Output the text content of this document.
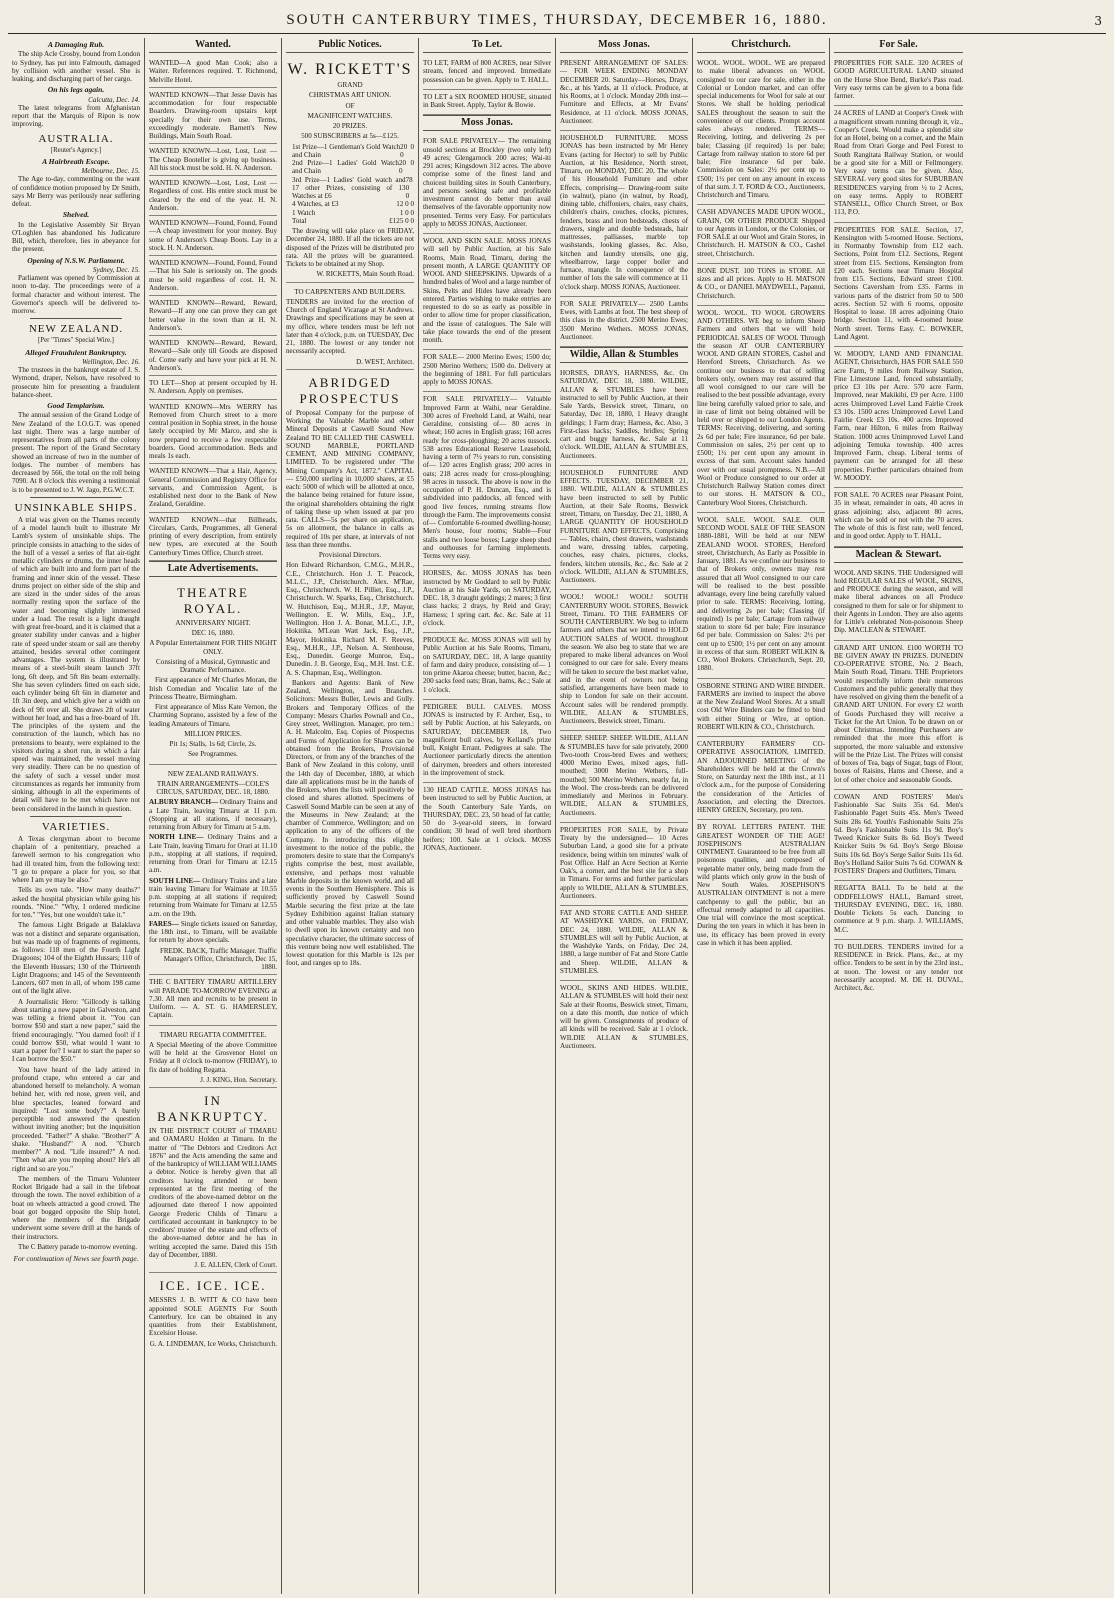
SOUTH CANTERBURY TIMES, THURSDAY, DECEMBER 16, 1880.	3
A Damaging Rub.
The ship Acle Crosby, bound from London to Sydney, has put into Falmouth, damaged by collision with another vessel. She is leaking, and discharging part of her cargo.
On his legs again.
Calcutta, Dec. 14.
The latest telegrams from Afghanistan report that the Marquis of Ripon is now improving.
AUSTRALIA.
[Reuter's Agency.]
A Hairbreath Escape.
Melbourne, Dec. 15.
The Age to-day, commenting on the want of confidence motion proposed by Dr Smith, says Mr Berry was perilously near suffering defeat.
Shelved.
In the Legislative Assembly Sir Bryan O'Loghlen has abandoned his Judicature Bill, which, therefore, lies in abeyance for the present.
Opening of N.S.W. Parliament.
Sydney, Dec. 15.
Parliament was opened by Commission at noon to-day. The proceedings were of a formal character and without interest. The Governor's speech will be delivered to-morrow.
NEW ZEALAND.
[Per "Times" Special Wire.]
Alleged Fraudulent Bankruptcy.
Wellington, Dec. 16.
The trustees in the bankrupt estate of J. S. Wymond, draper, Nelson, have resolved to prosecute him for presenting a fraudulent balance-sheet.
Good Templarism.
The annual session of the Grand Lodge of New Zealand of the I.O.G.T. was opened last night. There was a large number of representatives from all parts of the colony present. The report of the Grand Secretary showed an increase of two in the number of lodges. The number of members has decreased by 566, the total on the roll being 7090. At 8 o'clock this evening a testimonial is to be presented to J. W. Jago, P.G.W.C.T.
UNSINKABLE SHIPS.
A trial was given on the Thames recently of a model launch built to illustrate Mr Lamb's system of unsinkable ships. The principle consists in attaching to the sides of the hull of a vessel a series of flat air-tight metallic cylinders or drums, the inner heads of which are built into and form part of the framing and inner skin of the vessel. These drums project on either side of the ship and are sized in the under sides of the areas normally resting upon the surface of the water and becoming slightly immersed under a load. The result is a light draught with great free-board, and it is claimed that a greater stability under canvas and a higher rate of speed under steam or sail are thereby attained, besides several other contingent advantages. The system is illustrated by means of a steel-built steam launch 37ft long, 6ft deep, and 5ft 8in beam externally. She has seven cylinders fitted on each side, each cylinder being 6ft 6in in diameter and 1ft 3in deep, and which give her a width on deck of 9ft over all. She draws 2ft of water without her load, and has a free-board of 1ft. The principles of the system and the construction of the launch, which has no pretensions to beauty, were explained to the visitors during a short run, in which a fair speed was maintained, the vessel moving very steadily. There can be no question of the safety of such a vessel under most circumstances as regards her immunity from sinking, although in all the experiments of detail will have to be met which have not been considered in the launch in question.
VARIETIES.
A Texas clergyman about to become chaplain of a penitentiary, preached a farewell sermon to his congregation who had ill treated him, from the following text: "I go to prepare a place for you, so that where I am ye may be also."
Tells its own tale. "How many deaths?" asked the hospital physician while going his rounds. "Nine." "Why, I ordered medicine for ten." "Yes, but one wouldn't take it."
The famous Light Brigade at Balaklava was not a distinct and separate organisation, but was made up of fragments of regiments, as follows: 118 men of the Fourth Light Dragoons; 104 of the Eighth Hussars; 110 of the Eleventh Hussars; 130 of the Thirteenth Light Dragoons; and 145 of the Seventeenth Lancers, 607 men in all, of whom 198 came out of the light alive.
A Journalistic Hero: "Gillcody is talking about starting a new paper in Galveston, and was telling a friend about it. "You can borrow $50 and start a new paper," said the friend encouragingly. "You darned fool! if I could borrow $50, what would I want to start a paper for? I want to start the paper so I can borrow the $50."
You have heard of the lady attired in profound crape, who entered a car and abandoned herself to melancholy. A woman behind her, with red nose, green veil, and blue spectacles, leaned forward and inquired: "Lost some body?" A barely perceptible nod answered the question without inviting another; but the inquisition proceeded. "Father?" A shake. "Brother?" A shake. "Husband?" A nod. "Church member?" A nod. "Life insured?" A nod. "Then what are you moping about? He's all right and so are you."
The members of the Timaru Volunteer Rocket Brigade had a sail in the lifeboat through the town. The novel exhibition of a boat on wheels attracted a good crowd. The boat got bogged opposite the Ship hotel, where the members of the Brigade underwent some severe drill at the hands of their instructors.
The C Battery parade to-morrow evening.
For continuation of News see fourth page.
Wanted.
WANTED—A good Man Cook; also a Waiter. References required. T. Richmond, Melville Hotel.
WANTED KNOWN—That Jesse Davis has accommodation for four respectable Boarders. Drawing-room upstairs kept specially for their own use. Terms, exceedingly moderate. Barnett's New Buildings, Main South Road.
WANTED KNOWN—Lost, Lost, Lost —The Cheap Booteller is giving up business. All his stock must be sold. H. N. Anderson.
WANTED KNOWN—Lost, Lost, Lost —Regardless of cost. His entire stock must be cleared by the end of the year. H. N. Anderson.
WANTED KNOWN—Found, Found, Found—A cheap investment for your money. Buy some of Anderson's Cheap Boots. Lay in a stock. H. N. Anderson.
WANTED KNOWN—Found, Found, Found—That his Sale is seriously on. The goods must be sold regardless of cost. H. N. Anderson.
WANTED KNOWN—Reward, Reward, Reward—If any one can prove they can get better value in the town than at H. N. Anderson's.
WANTED KNOWN—Reward, Reward, Reward—Sale only till Goods are disposed of. Come early and have your pick at H. N. Anderson's.
TO LET—Shop at present occupied by H. N. Anderson. Apply on premises.
WANTED KNOWN—Mrs WERRY has Removed from Church street to a more central position in Sophia street, in the house lately occupied by Mr Marco, and she is now prepared to receive a few respectable boarders. Good accommodation. Beds and meals 1s each.
WANTED KNOWN—That a Hair, Agency, General Commission and Registry Office for servants, and Commission Agent, is established next door to the Bank of New Zealand, Geraldine.
WANTED KNOWN—that Billheads, Circulars, Cards, Programmes, all General printing of every description, from entirely new types, are executed at the South Canterbury Times Office, Church street.
Late Advertisements.
THEATRE ROYAL.
ANNIVERSARY NIGHT.
DEC 16, 1880.
A Popular Entertainment FOR THIS NIGHT ONLY.
Consisting of a Musical, Gymnastic and Dramatic Performance.
First appearance of Mr Charles Moran, the Irish Comedian and Vocalist late of the Princess Theatre, Birmingham.
First appearance of Miss Kate Vernon, the Charming Soprano, assisted by a few of the leading Amateurs of Timaru.
MILLION PRICES.
Pit 1s; Stalls, 1s 6d; Circle, 2s.
See Programmes.
NEW ZEALAND RAILWAYS.
TRAIN ARRANGEMENTS—COLE'S CIRCUS, SATURDAY, DEC. 18, 1880.
ALBURY BRANCH— Ordinary Trains and a Late Train, leaving Timaru at 11 p.m. (Stopping at all stations, if necessary), returning from Albury for Timaru at 5 a.m.
NORTH LINE— Ordinary Trains and a Late Train, leaving Timaru for Orari at 11.10 p.m., stopping at all stations, if required, returning from Orari for Timaru at 12.15 a.m.
SOUTH LINE— Ordinary Trains and a late train leaving Timaru for Waimate at 10.55 p.m. stopping at all stations if required; returning from Waimate for Timaru at 12.55 a.m. on the 19th.
FARES— Single tickets issued on Saturday, the 18th inst., to Timaru, will be available for return by above specials.
FREDK. BACK, Traffic Manager. Traffic Manager's Office, Christchurch, Dec 15, 1880.
THE C BATTERY TIMARU ARTILLERY will PARADE TO-MORROW EVENING at 7.30. All men and recruits to be present in Uniform. — A. ST. G. HAMERSLEY, Captain.
TIMARU REGATTA COMMITTEE.
A Special Meeting of the above Committee will be held at the Grosvenor Hotel on Friday at 8 o'clock to-morrow (FRIDAY), to fix date of holding Regatta.
J. J. KING, Hon. Secretary.
IN BANKRUPTCY.
IN THE DISTRICT COURT of TIMARU and OAMARU Holden at Timaru. In the matter of "The Debtors and Creditors Act 1876" and the Acts amending the same and of the bankruptcy of WILLIAM WILLIAMS a debtor. Notice is hereby given that all creditors having attended or been represented at the first meeting of the creditors of the above-named debtor on the adjourned date thereof I now appointed George Frederic Childs of Timaru a certificated accountant in bankruptcy to be creditors' trustee of the estate and effects of the above-named debtor and he has in writing accepted the same. Dated this 15th day of December, 1880.
J. E. ALLEN, Clerk of Court.
ICE. ICE. ICE.
MESSRS J. B. WITT & CO have been appointed SOLE AGENTS For South Canterbury. Ice can be obtained in any quantities from their Establishment, Excelsior House.
G. A. LINDEMAN, Ice Works, Christchurch.
Public Notices.
W. RICKETT'S
GRAND
CHRISTMAS ART UNION.
OF
MAGNIFICENT WATCHES.
20 PRIZES.
500 SUBSCRIBERS at 5s—£125.
1st Prize—1 Gentleman's Gold Watch and Chain
20 0 0
2nd Prize—1 Ladies' Gold Watch and Chain
20 0 0
3rd Prize—1 Ladies' Gold watch and 17 other Prizes, consisting of 13 Watches at £6
78 0 0
4 Watches, at £3	12 0 0
1 Watch	1 0 0
Total	£125 0 0
The drawing will take place on FRIDAY, December 24, 1880. If all the tickets are not disposed of the Prizes will be distributed pro rata. All the prizes will be guaranteed. Tickets to be obtained at my Shop.
W. RICKETTS, Main South Road.
TO CARPENTERS AND BUILDERS.
TENDERS are invited for the erection of Church of England Vicarage at St Andrews. Drawings and specifications may be seen at my office, where tenders must be left not later than 4 o'clock, p.m. on TUESDAY, Dec 21, 1880. The lowest or any tender not necessarily accepted.
D. WEST, Architect.
ABRIDGED PROSPECTUS
of Proposal Company for the purpose of Working the Valuable Marble and other Mineral Deposits at Caswell Sound New Zealand TO BE CALLED THE CASWELL SOUND MARBLE, PORTLAND CEMENT, AND MINING COMPANY, LIMITED. To be registered under "The Mining Company's Act, 1872." CAPITAL — £50,000 sterling in 10,000 shares, at £5 each: 5000 of which will be allotted at once, the balance being retained for future issue, the original shareholders obtaining the right of taking these up when issued at par pro rata. CALLS—5s per share on application, 5s on allotment, the balance in calls as required of 10s per share, at intervals of not less than three months.
Provisional Directors.
Hon Edward Richardson, C.M.G., M.H.R., C.E., Christchurch. Hon J. T. Peacock, M.L.C., J.P., Christchurch. Alex. M'Rae, Esq., Christchurch. W. H. Pilliet, Esq., J.P., Christchurch. W. Sparks, Esq., Christchurch. W. Hutchison, Esq., M.H.R., J.P., Mayor, Wellington. E. W. Mills, Esq., J.P., Wellington. Hon J. A. Bonar, M.L.C., J.P., Hokitika. M'Lean Watt Jack, Esq., J.P., Mayor, Hokitika. Richard M. F. Reeves, Esq., M.H.R., J.P., Nelson. A. Stenhouse, Esq., Dunedin. George Munroe, Esq., Dunedin. J. B. George, Esq., M.H. Inst. C.E. A. S. Chapman, Esq., Wellington.
Bankers and Agents: Bank of New Zealand, Wellington, and Branches. Solicitors: Messrs Buller, Lewis and Gully. Brokers and Temporary Offices of the Company: Messrs Charles Pownall and Co., Grey street, Wellington. Manager, pro tem.: A. H. Malcolm, Esq. Copies of Prospectus and Forms of Application for Shares can be obtained from the Brokers, Provisional Directors, or from any of the branches of the Bank of New Zealand in this colony, until the 14th day of December, 1880, at which date all applications must be in the hands of the Brokers, when the lists will positively be closed and shares allotted. Specimens of Caswell Sound Marble can be seen at any of the Museums in New Zealand; at the chamber of Commerce, Wellington; and on application to any of the officers of the Company. In introducing this eligible investment to the notice of the public, the promoters desire to state that the Company's rights comprise the best, most available, extensive, and perhaps most valuable Marble deposits in the known world, and all events in the Southern Hemisphere. This is sufficiently proved by Caswell Sound Marble securing the first prize at the late Sydney Exhibition against Italian statuary and other valuable marbles. They also wish to dwell upon its known certainty and non speculative character, the ultimate success of this venture being now well established. The lowest quotation for this Marble is 12s per foot, and ranges up to 18s.
To Let.
TO LET, FARM of 800 ACRES, near Silver stream, fenced and improved. Immediate possession can be given. Apply to T. HALL.
TO LET a SIX ROOMED HOUSE, situated in Bank Street. Apply, Taylor & Bowie.
Moss Jonas.
FOR SALE PRIVATELY— The remaining unsold sections at Brockley (two only left) 49 acres; Glengarnock 200 acres; Wai-iti 291 acres; Kingsdown 312 acres. The above comprise some of the finest land and choicest building sites in South Canterbury, and persons seeking safe and profitable investment cannot do better than avail themselves of the favorable opportunity now presented. Terms very Easy. For particulars apply to MOSS JONAS, Auctioneer.
WOOL AND SKIN SALE. MOSS JONAS will sell by Public Auction, at his Sale Rooms, Main Road, Timaru, during the present month, A LARGE QUANTITY OF WOOL AND SHEEPSKINS. Upwards of a hundred bales of Wool and a large number of Skins, Pelts and Hides have already been entered. Parties wishing to make entries are requested to do so as early as possible in order to allow time for proper classification, and the issue of catalogues. The Sale will take place towards the end of the present month.
FOR SALE— 2000 Merino Ewes; 1500 do; 2500 Merino Wethers; 1500 do. Delivery at the beginning of 1881. For full particulars apply to MOSS JONAS.
FOR SALE PRIVATELY— Valuable Improved Farm at Waihi, near Geraldine. 300 acres of Freehold Land, at Waihi, near Geraldine, consisting of— 80 acres in wheat; 160 acres in English grass; 160 acres ready for cross-ploughing; 20 acres tussock. 538 acres Educational Reserve Leasehold, having a term of 7½ years to run, consisting of— 120 acres English grass; 200 acres in oats; 218 acres ready for cross-ploughing; 98 acres in tussock. The above is now in the occupation of P. H. Duncan, Esq., and is subdivided into paddocks, all fenced with good live fences, running streams flow through the Farm. The improvements consist of— Comfortable 6-roomed dwelling-house; Men's house, four rooms; Stable—Four stalls and two loose boxes; Large sheep shed and outhouses for farming implements. Terms very easy.
HORSES, &c. MOSS JONAS has been instructed by Mr Goddard to sell by Public Auction at his Sale Yards, on SATURDAY, DEC. 18, 3 draught geldings; 2 mares; 3 first class hacks; 2 drays, by Reid and Gray; Harness; 1 spring cart. &c. &c. Sale at 11 o'clock.
PRODUCE &c. MOSS JONAS will sell by Public Auction at his Sale Rooms, Timaru, on SATURDAY, DEC. 18, A large quantity of farm and dairy produce, consisting of— 1 ton prime Akaroa cheese; butter, bacon, &c.; 200 sacks feed oats; Bran, hams, &c.; Sale at 1 o'clock.
PEDIGREE BULL CALVES. MOSS JONAS is instructed by F. Archer, Esq., to sell by Public Auction, at his Saleyards, on SATURDAY, DECEMBER 18, Two magnificent bull calves, by Kelland's prize bull, Knight Errant. Pedigrees at sale. The Auctioneer particularly directs the attention of dairymen, breeders and others interested in the improvement of stock.
130 HEAD CATTLE. MOSS JONAS has been instructed to sell by Public Auction, at the South Canterbury Sale Yards, on THURSDAY, DEC. 23, 50 head of fat cattle; 50 do 3-year-old steers, in forward condition; 30 head of well bred shorthorn heifers; 100. Sale at 1 o'clock. MOSS JONAS, Auctioneer.
Moss Jonas.
PRESENT ARRANGEMENT OF SALES:— FOR WEEK ENDING MONDAY DECEMBER 20. Saturday—Horses, Drays, &c., at his Yards, at 11 o'clock. Produce, at his Rooms, at 1 o'clock. Monday 20th inst—Furniture and Effects, at Mr Evans' Residence, at 11 o'clock. MOSS JONAS, Auctioneer.
HOUSEHOLD FURNITURE. MOSS JONAS has been instructed by Mr Henry Evans (acting for Hector) to sell by Public Auction, at his Residence, North street, Timaru, on MONDAY, DEC 20, The whole of his Household Furniture and other Effects, comprising— Drawing-room suite (in walnut), piano (in walnut, by Read), dining table, chiffoniers, chairs, easy chairs, children's chairs, couches, clocks, pictures, fenders, brass and iron bedsteads, chests of drawers, single and double bedsteads, hair mattresses, palliasses, marble top washstands, looking glasses, &c. Also, kitchen and laundry utensils, one gig, wheelbarrow, large copper boiler and furnace, mangle. In consequence of the number of lots the sale will commence at 11 o'clock sharp. MOSS JONAS, Auctioneer.
FOR SALE PRIVATELY— 2500 Lambs Ewes, with Lambs at foot. The best sheep of this class in the district. 2500 Merino Ewes; 3500 Merino Wethers. MOSS JONAS, Auctioneer.
Wildie, Allan & Stumbles
HORSES, DRAYS, HARNESS, &c. On SATURDAY, DEC 18, 1880. WILDIE, ALLAN & STUMBLES have been instructed to sell by Public Auction, at their Sale Yards, Beswick street, Timaru, on Saturday, Dec 18, 1880, 1 Heavy draught geldings; 1 Farm dray; Harness, &c. Also, 3 First-class hacks; Saddles, bridles; Spring cart and buggy harness, &c. Sale at 11 o'clock. WILDIE, ALLAN & STUMBLES, Auctioneers.
HOUSEHOLD FURNITURE AND EFFECTS. TUESDAY, DECEMBER 21, 1880. WILDIE, ALLAN & STUMBLES have been instructed to sell by Public Auction, at their Sale Rooms, Beswick street, Timaru, on Tuesday, Dec 21, 1880, A LARGE QUANTITY OF HOUSEHOLD FURNITURE AND EFFECTS, Comprising— Tables, chairs, chest drawers, washstands and ware, dressing tables, carpeting, couches, easy chairs, pictures, clocks, fenders, kitchen utensils, &c., &c. Sale at 2 o'clock. WILDIE, ALLAN & STUMBLES, Auctioneers.
WOOL! WOOL! WOOL! SOUTH CANTERBURY WOOL STORES, Beswick Street, Timaru. TO THE FARMERS OF SOUTH CANTERBURY. We beg to inform farmers and others that we intend to HOLD AUCTION SALES of WOOL throughout the season. We also beg to state that we are prepared to make liberal advances on Wool consigned to our care for sale. Every means will be taken to secure the best market value, and in the event of owners not being satisfied, arrangements have been made to ship to London for sale on their account. Account sales will be rendered promptly. WILDIE, ALLAN & STUMBLES, Auctioneers, Beswick street, Timaru.
SHEEP. SHEEP. SHEEP. WILDIE, ALLAN & STUMBLES have for sale privately, 2000 Two-tooth Cross-bred Ewes and wethers; 4000 Merino Ewes, mixed ages, full-mouthed; 3000 Merino Wethers, full-mouthed; 500 Merino Wethers, nearly fat, in the Wool. The cross-breds can be delivered immediately and Merinos in February. WILDIE, ALLAN & STUMBLES, Auctioneers.
PROPERTIES FOR SALE, by Private Treaty by the undersigned— 10 Acres Suburban Land, a good site for a private residence, being within ten minutes' walk of Post Office. Half an Acre Section at Kerrie Oak's, a corner, and the best site for a shop in Timaru. For terms and further particulars apply to WILDIE, ALLAN & STUMBLES, Auctioneers.
FAT AND STORE CATTLE AND SHEEP. AT WASHDYKE YARDS, on FRIDAY, DEC 24, 1880. WILDIE, ALLAN & STUMBLES will sell by Public Auction, at the Washdyke Yards, on Friday, Dec 24, 1880, a large number of Fat and Store Cattle and Sheep. WILDIE, ALLAN & STUMBLES.
WOOL, SKINS AND HIDES. WILDIE, ALLAN & STUMBLES will hold their next Sale at their Rooms, Beswick street, Timaru, on a date this month, due notice of which will be given. Consignments of produce of all kinds will be received. Sale at 1 o'clock. WILDIE ALLAN & STUMBLES, Auctioneers.
Christchurch.
WOOL. WOOL. WOOL. WE are prepared to make liberal advances on WOOL consigned to our care for sale, either in the Colonial or London market, and can offer special inducements for Wool for sale at our Stores. We shall be holding periodical SALES throughout the season to suit the convenience of our clients. Prompt account sales always rendered. TERMS— Receiving, lotting, and delivering 2s per bale; Classing (if required) 1s per bale; Cartage from railway station to store 6d per bale; Fire insurance 6d per bale. Commission on Sales: 2½ per cent up to £500; 1½ per cent on any amount in excess of that sum. J. T. FORD & CO., Auctioneers, Christchurch and Timaru.
CASH ADVANCES MADE UPON WOOL, GRAIN, OR OTHER PRODUCE Shipped to our Agents in London, or the Colonies, or FOR SALE at our Wool and Grain Stores, in Christchurch. H. MATSON & CO., Cashel street, Christchurch.
BONE DUST. 100 TONS in STORE. All sizes and all prices. Apply to H. MATSON & CO., or DANIEL MAYDWELL, Papanui, Christchurch.
WOOL. WOOL. TO WOOL GROWERS AND OTHERS. WE beg to inform Sheep Farmers and others that we will hold PERIODICAL SALES OF WOOL Through the season AT OUR CANTERBURY WOOL AND GRAIN STORES, Cashel and Hereford Streets, Christchurch. As we continue our business to that of selling brokers only, owners may rest assured that all wool consigned to our care will be realised to the best possible advantage, every line being carefully valued prior to sale, and in case of limit not being obtained will be held over or shipped to our London Agents. TERMS: Receiving, delivering, and sorting 2s 6d per bale; Fire insurance, 6d per bale. Commission on sales, 2½ per cent up to £500; 1½ per cent upon any amount in excess of that sum. Account sales handed over with our usual promptness. N.B.—All Wool or Produce consigned to our order at Christchurch Railway Station comes direct to our stores. H. MATSON & CO., Canterbury Wool Stores, Christchurch.
WOOL SALE. WOOL SALE. OUR SECOND WOOL SALE OF THE SEASON 1880-1881, Will be held at our NEW ZEALAND WOOL STORES, Hereford street, Christchurch, As Early as Possible in January, 1881. As we confine our business to that of Brokers only, owners may rest assured that all Wool consigned to our care will be realised to the best possible advantage, every line being carefully valued prior to sale. TERMS: Receiving, lotting, and delivering 2s per bale; Classing (if required) 1s per bale; Cartage from railway station to store 6d per bale; Fire insurance 6d per bale. Commission on Sales: 2½ per cent up to £500; 1½ per cent on any amount in excess of that sum. ROBERT WILKIN & CO., Wool Brokers. Christchurch, Sept. 20, 1880.
OSBORNE STRING AND WIRE BINDER. FARMERS are invited to inspect the above at the New Zealand Wool Stores. At a small cost Old Wire Binders can be fitted to bind with either String or Wire, at option. ROBERT WILKIN & CO., Christchurch.
CANTERBURY FARMERS' CO-OPERATIVE ASSOCIATION, LIMITED. AN ADJOURNED MEETING of the Shareholders will be held at the Crown's Store, on Saturday next the 18th inst., at 11 o'clock a.m., for the purpose of Considering the consideration of the Articles of Association, and electing the Directors. HENRY GREEN, Secretary, pro tem.
BY ROYAL LETTERS PATENT. THE GREATEST WONDER OF THE AGE! JOSEPHSON'S AUSTRALIAN OINTMENT. Guaranteed to be free from all poisonous qualities, and composed of vegetable matter only, being made from the wild plants which only grow in the bush of New South Wales. JOSEPHSON'S AUSTRALIAN OINTMENT is not a mere catchpenny to gull the public, but an effectual remedy adapted to all capacities. One trial will convince the most sceptical. During the ten years in which it has been in use, its efficacy has been proved in every case in which it has been applied.
For Sale.
PROPERTIES FOR SALE. 320 ACRES of GOOD AGRICULTURAL LAND situated on the Horse Shoe Bend, Burke's Pass road. Very easy terms can be given to a bona fide farmer.
24 ACRES of LAND at Cooper's Creek with a magnificent stream running through it, viz., Cooper's Creek. Would make a splendid site for an Hotel, being on a corner, and the Main Road from Orari Gorge and Peel Forest to South Rangitata Railway Station, or would be a good site for a Mill or Fellmongery. Very easy terms can be given. Also, SEVERAL very good sites for SUBURBAN RESIDENCES varying from ½ to 2 Acres, on easy terms. Apply to ROBERT STANSELL, Office Church Street, or Box 113, P.O.
PROPERTIES FOR SALE. Section, 17, Kensington with 5-roomed House. Sections, in Normanby Township from £12 each. Sections, Point from £12. Sections, Regent street from £15. Sections, Kensington from £20 each. Sections near Timaru Hospital from £15. Sections, Edward street £100. Sections Caversham from £35. Farms in various parts of the district from 50 to 500 acres. Section 52 with 6 rooms, opposite Hospital to lease. 18 acres adjoining Otaio bridge. Section 11, with 4-roomed house North street. Terms Easy. C. BOWKER, Land Agent.
W. MOODY, LAND AND FINANCIAL AGENT, Christchurch, HAS FOR SALE 550 acre Farm, 9 miles from Railway Station, Fine Limestone Land, fenced substantially, price £3 10s per Acre. 570 acre Farm, Improved, near Makikihi, £9 per Acre. 1100 acres Unimproved Level Land Fairlie Creek £3 10s. 1500 acres Unimproved Level Land Fairlie Creek £3 10s. 400 acres Improved Farm, near Hilton, 6 miles from Railway Station. 1000 acres Unimproved Level Land adjoining Temuka township. 400 acres Improved Farm, cheap. Liberal terms of payment can be arranged for all these properties. Further particulars obtained from W. MOODY.
FOR SALE. 70 ACRES near Pleasant Point, 35 in wheat, remainder in oats, 40 acres in grass adjoining; also, adjacent 80 acres, which can be sold or not with the 70 acres. The whole of this is first rate, well fenced, and in good order. Apply to T. HALL.
Maclean & Stewart.
WOOL AND SKINS. THE Undersigned will hold REGULAR SALES of WOOL, SKINS, and PRODUCE during the season, and will make liberal advances on all Produce consigned to them for sale or for shipment to their Agents in London. They are also agents for Little's celebrated Non-poisonous Sheep Dip. MACLEAN & STEWART.
GRAND ART UNION. £100 WORTH TO BE GIVEN AWAY IN PRIZES. DUNEDIN CO-OPERATIVE STORE, No. 2 Beach, Main South Road, Timaru. THE Proprietors would respectfully inform their numerous Customers and the public generally that they have resolved on giving them the benefit of a GRAND ART UNION. For every £2 worth of Goods Purchased they will receive a Ticket for the Art Union. To be drawn on or about Christmas. Intending Purchasers are reminded that the more this effort is supported, the more valuable and extensive will be the Prize List. The Prizes will consist of boxes of Tea, bags of Sugar, bags of Flour, boxes of Raisins, Hams and Cheese, and a lot of other choice and seasonable Goods.
COWAN AND FOSTERS' Men's Fashionable Sac Suits 35s 6d. Men's Fashionable Paget Suits 45s. Men's Tweed Suits 28s 6d. Youth's Fashionable Suits 25s 6d. Boy's Fashionable Suits 11s 9d. Boy's Tweed Knicker Suits 8s 6d. Boy's Tweed Knicker Suits 9s 6d. Boy's Serge Blouse Suits 10s 6d. Boy's Serge Sailor Suits 11s 6d. Boy's Holland Sailor Suits 7s 6d. COWAN & FOSTERS' Drapers and Outfitters, Timaru.
REGATTA BALL To be held at the ODDFELLOWS' HALL, Barnard street, THURSDAY EVENING, DEC. 16, 1880. Double Tickets 5s each. Dancing to commence at 9 p.m. sharp. J. WILLIAMS, M.C.
TO BUILDERS. TENDERS invited for a RESIDENCE in Brick. Plans, &c., at my office. Tenders to be sent in by the 23rd inst., at noon. The lowest or any tender not necessarily accepted. M. DE H. DUVAL, Architect, &c.
